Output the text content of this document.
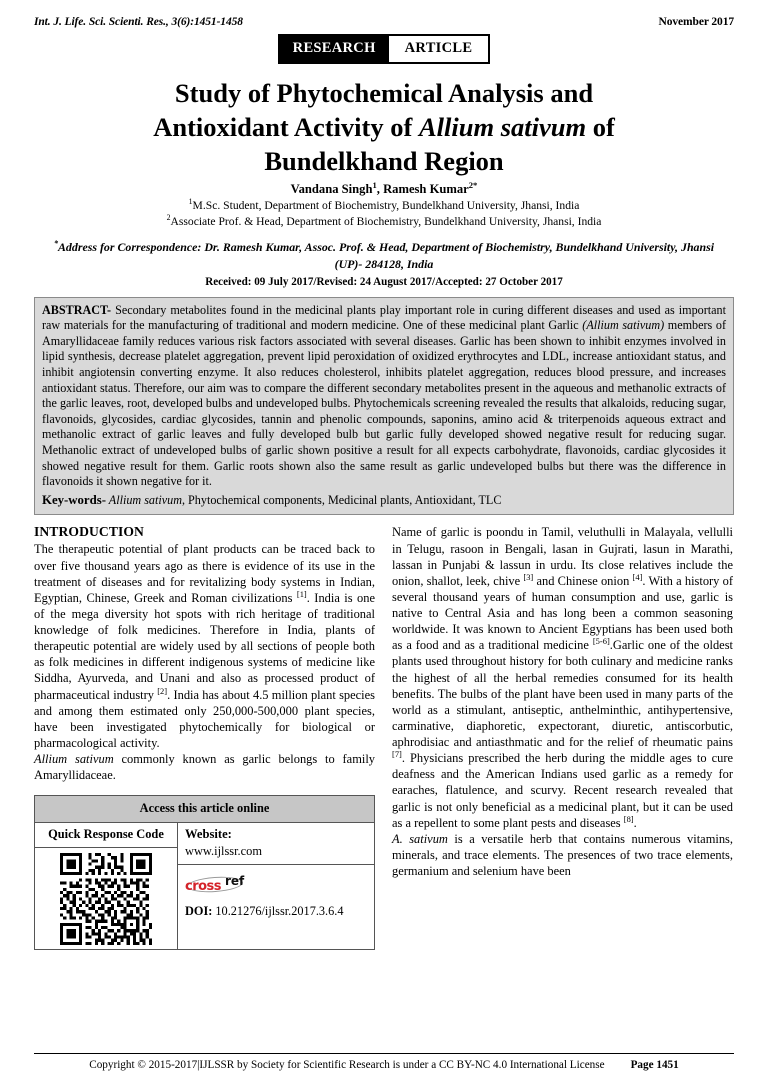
Int. J. Life. Sci. Scienti. Res., 3(6):1451-1458	November 2017
RESEARCH	ARTICLE
Study of Phytochemical Analysis and
Antioxidant Activity of Allium sativum of
Bundelkhand Region
Vandana Singh$^1$, Ramesh Kumar$^{2*}$
$^1$M.Sc. Student, Department of Biochemistry, Bundelkhand University, Jhansi, India
$^2$Associate Prof. & Head, Department of Biochemistry, Bundelkhand University, Jhansi, India
*Address for Correspondence: Dr. Ramesh Kumar, Assoc. Prof. & Head, Department of Biochemistry, Bundelkhand University, Jhansi (UP)- 284128, India
Received: 09 July 2017/Revised: 24 August 2017/Accepted: 27 October 2017

ABSTRACT- Secondary metabolites found in the medicinal plants play important role in curing different diseases and used as important raw materials for the manufacturing of traditional and modern medicine. One of these medicinal plant Garlic (Allium sativum) members of Amaryllidaceae family reduces various risk factors associated with several diseases. Garlic has been shown to inhibit enzymes involved in lipid synthesis, decrease platelet aggregation, prevent lipid peroxidation of oxidized erythrocytes and LDL, increase antioxidant status, and inhibit angiotensin converting enzyme. It also reduces cholesterol, inhibits platelet aggregation, reduces blood pressure, and increases antioxidant status. Therefore, our aim was to compare the different secondary metabolites present in the aqueous and methanolic extracts of the garlic leaves, root, developed bulbs and undeveloped bulbs. Phytochemicals screening revealed the results that alkaloids, reducing sugar, flavonoids, glycosides, cardiac glycosides, tannin and phenolic compounds, saponins, amino acid & triterpenoids aqueous extract and methanolic extract of garlic leaves and fully developed bulb but garlic fully developed showed negative result for reducing sugar. Methanolic extract of undeveloped bulbs of garlic shown positive a result for all expects carbohydrate, flavonoids, cardiac glycosides it showed negative result for them. Garlic roots shown also the same result as garlic undeveloped bulbs but there was the difference in flavonoids it shown negative for it.

Key-words- Allium sativum, Phytochemical components, Medicinal plants, Antioxidant, TLC
INTRODUCTION

The therapeutic potential of plant products can be traced back to over five thousand years ago as there is evidence of its use in the treatment of diseases and for revitalizing body systems in Indian, Egyptian, Chinese, Greek and Roman civilizations [1]. India is one of the mega diversity hot spots with rich heritage of traditional knowledge of folk medicines. Therefore in India, plants of therapeutic potential are widely used by all sections of people both as folk medicines in different indigenous systems of medicine like Siddha, Ayurveda, and Unani and also as processed product of pharmaceutical industry [2]. India has about 4.5 million plant species and among them estimated only 250,000-500,000 plant species, have been investigated phytochemically for biological or pharmacological activity.

Allium sativum commonly known as garlic belongs to family Amaryllidaceae.

Access this article online
Quick Response Code	Website:
www.ijlssr.com
cross ref
DOI: 10.21276/ijlssr.2017.3.6.4

Name of garlic is poondu in Tamil, veluthulli in Malayala, vellulli in Telugu, rasoon in Bengali, lasan in Gujrati, lasun in Marathi, lassan in Punjabi & lassun in urdu. Its close relatives include the onion, shallot, leek, chive [3] and Chinese onion [4]. With a history of several thousand years of human consumption and use, garlic is native to Central Asia and has long been a common seasoning worldwide. It was known to Ancient Egyptians has been used both as a food and as a traditional medicine [5-6].Garlic one of the oldest plants used throughout history for both culinary and medicine ranks the highest of all the herbal remedies consumed for its health benefits. The bulbs of the plant have been used in many parts of the world as a stimulant, antiseptic, anthelminthic, antihypertensive, carminative, diaphoretic, expectorant, diuretic, antiscorbutic, aphrodisiac and antiasthmatic and for the relief of rheumatic pains [7]. Physicians prescribed the herb during the middle ages to cure deafness and the American Indians used garlic as a remedy for earaches, flatulence, and scurvy. Recent research revealed that garlic is not only beneficial as a medicinal plant, but it can be used as a repellent to some plant pests and diseases [8].

A. sativum is a versatile herb that contains numerous vitamins, minerals, and trace elements. The presences of two trace elements, germanium and selenium have been

Copyright © 2015-2017|IJLSSR by Society for Scientific Research is under a CC BY-NC 4.0 International License Page 1451
